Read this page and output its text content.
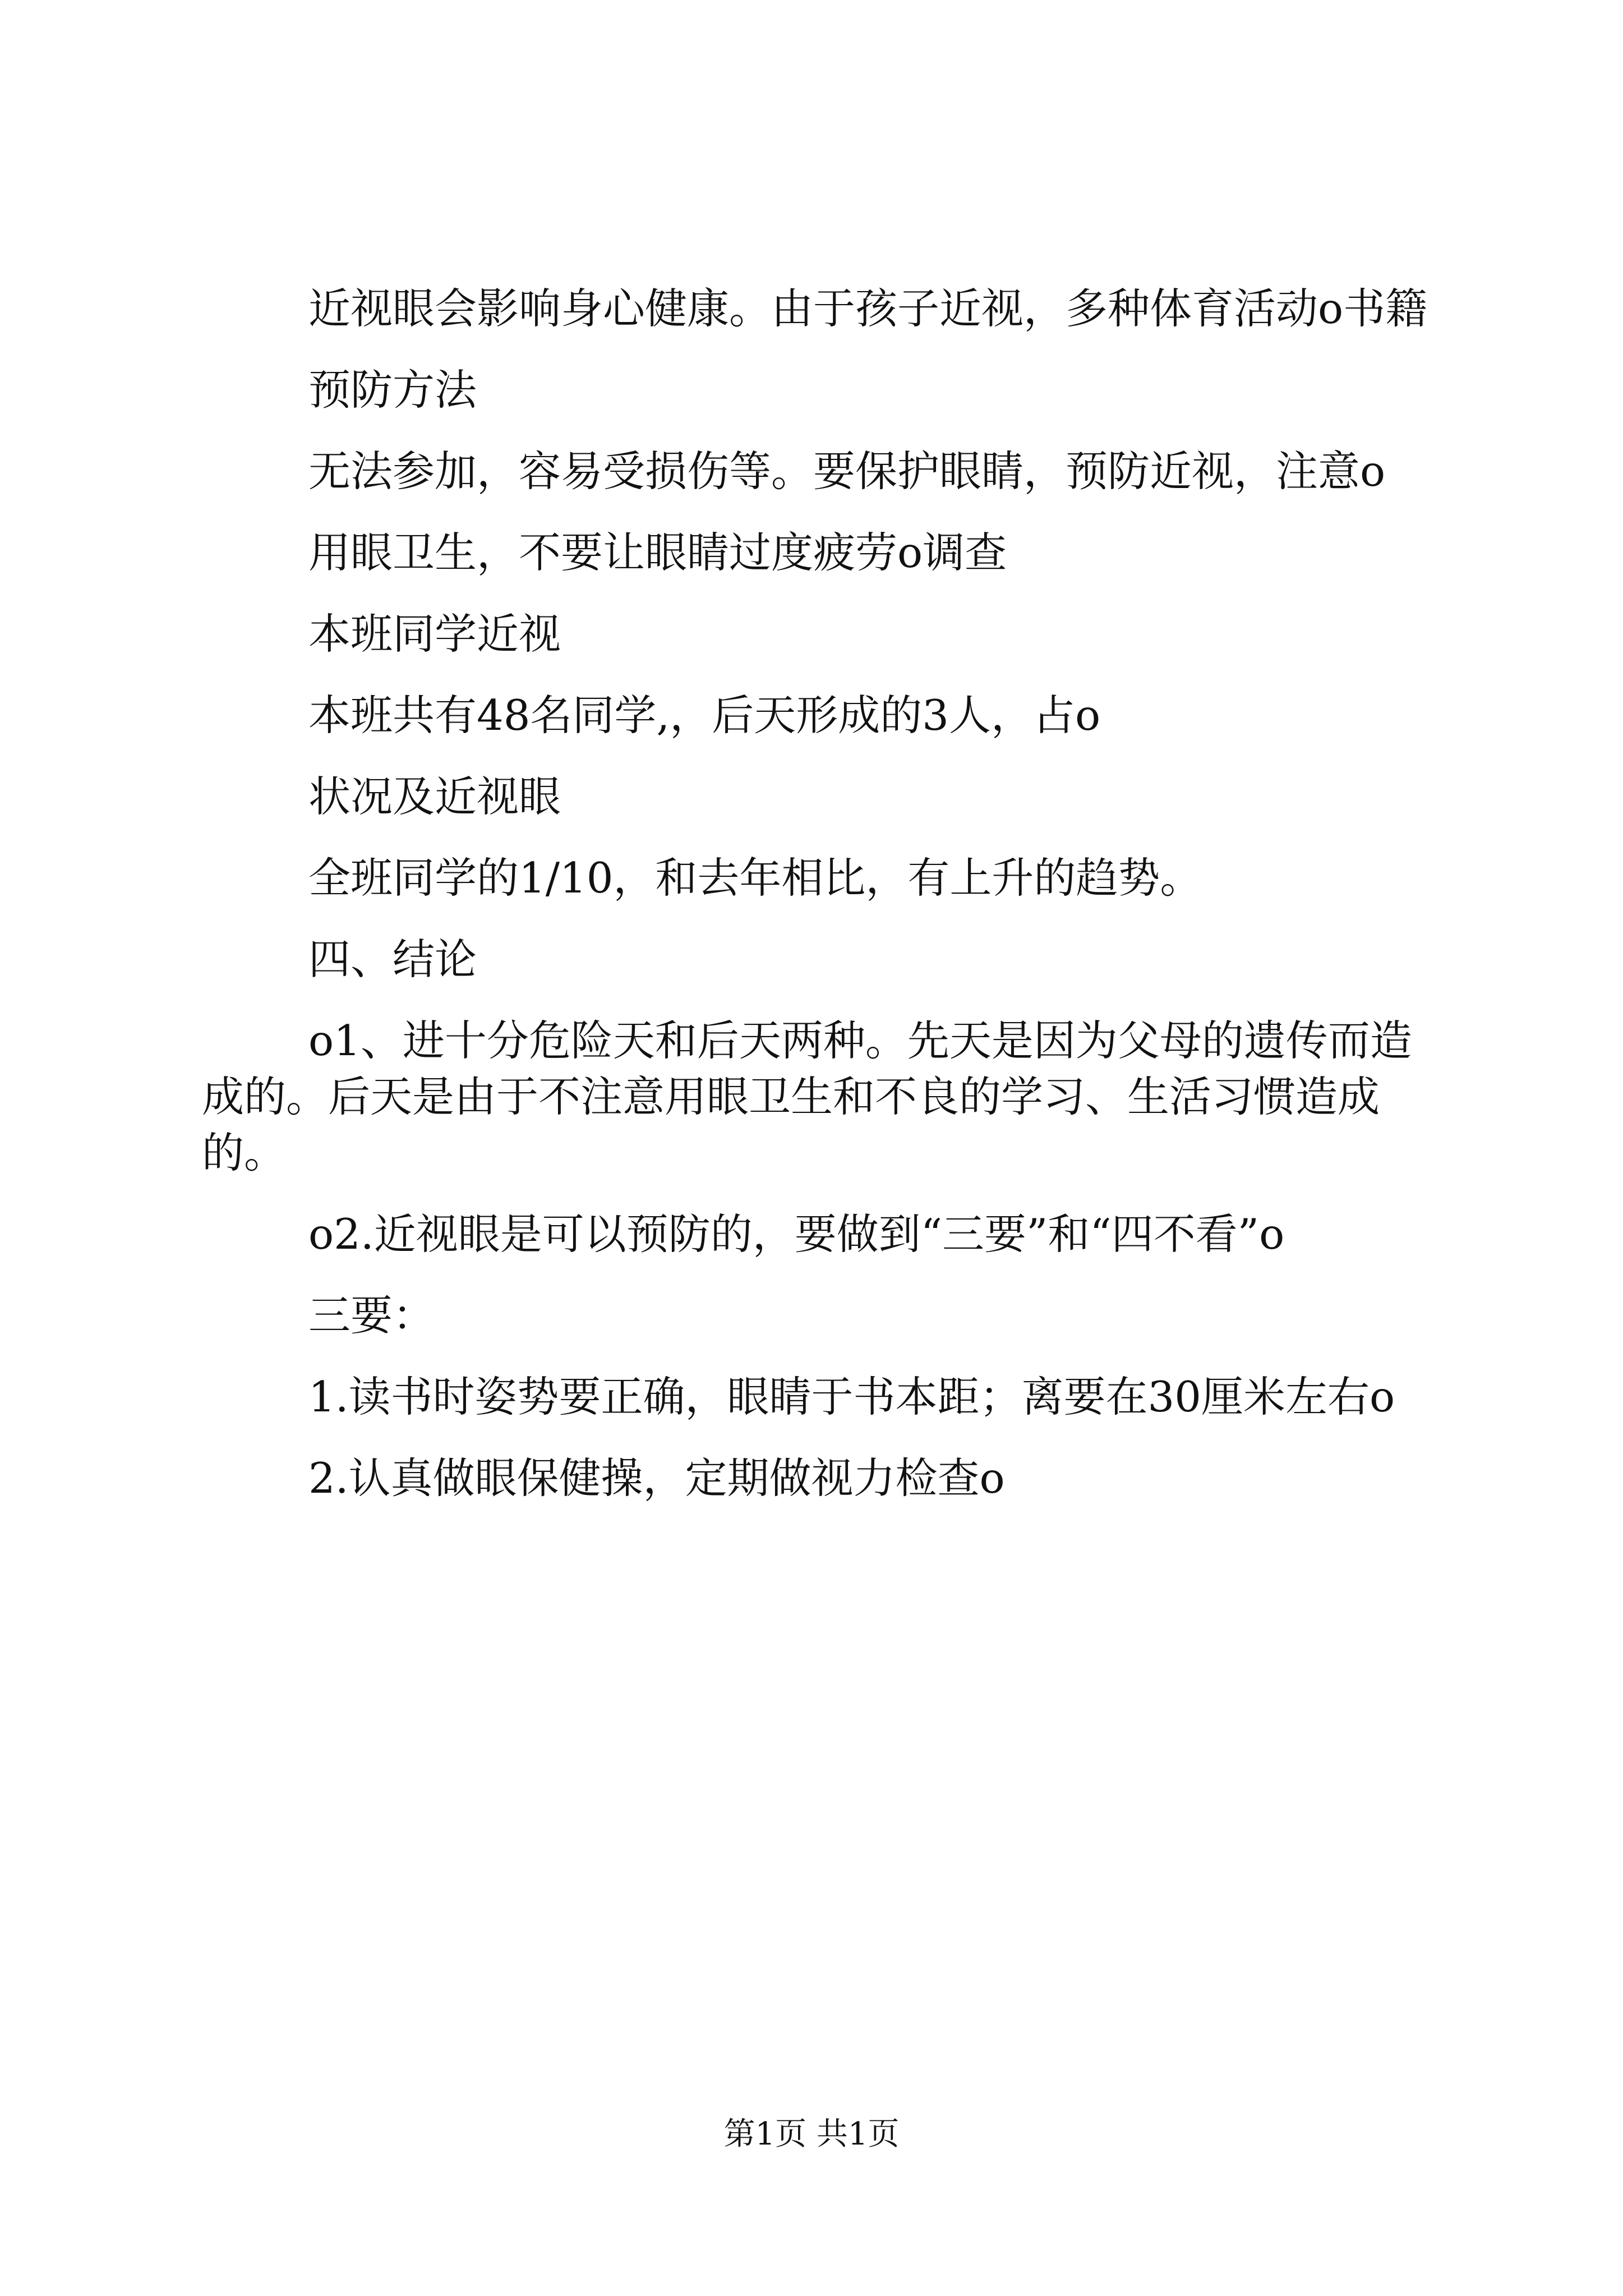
近视眼会影响身心健康。由于孩子近视，多种体育活动o书籍

预防方法

无法参加，容易受损伤等。要保护眼睛，预防近视，注意o

用眼卫生，不要让眼睛过度疲劳o调查

本班同学近视

本班共有48名同学,，后天形成的3人，占o

状况及近视眼

全班同学的1/10，和去年相比，有上升的趋势。

四、结论

o1、进十分危险天和后天两种。先天是因为父母的遗传而造成的。后天是由于不注意用眼卫生和不良的学习、生活习惯造成的。

o2.近视眼是可以预防的，要做到“三要”和“四不看”o

三要：

1.读书时姿势要正确，眼睛于书本距；离要在30厘米左右o

2.认真做眼保健操，定期做视力检查o

第1页 共1页
